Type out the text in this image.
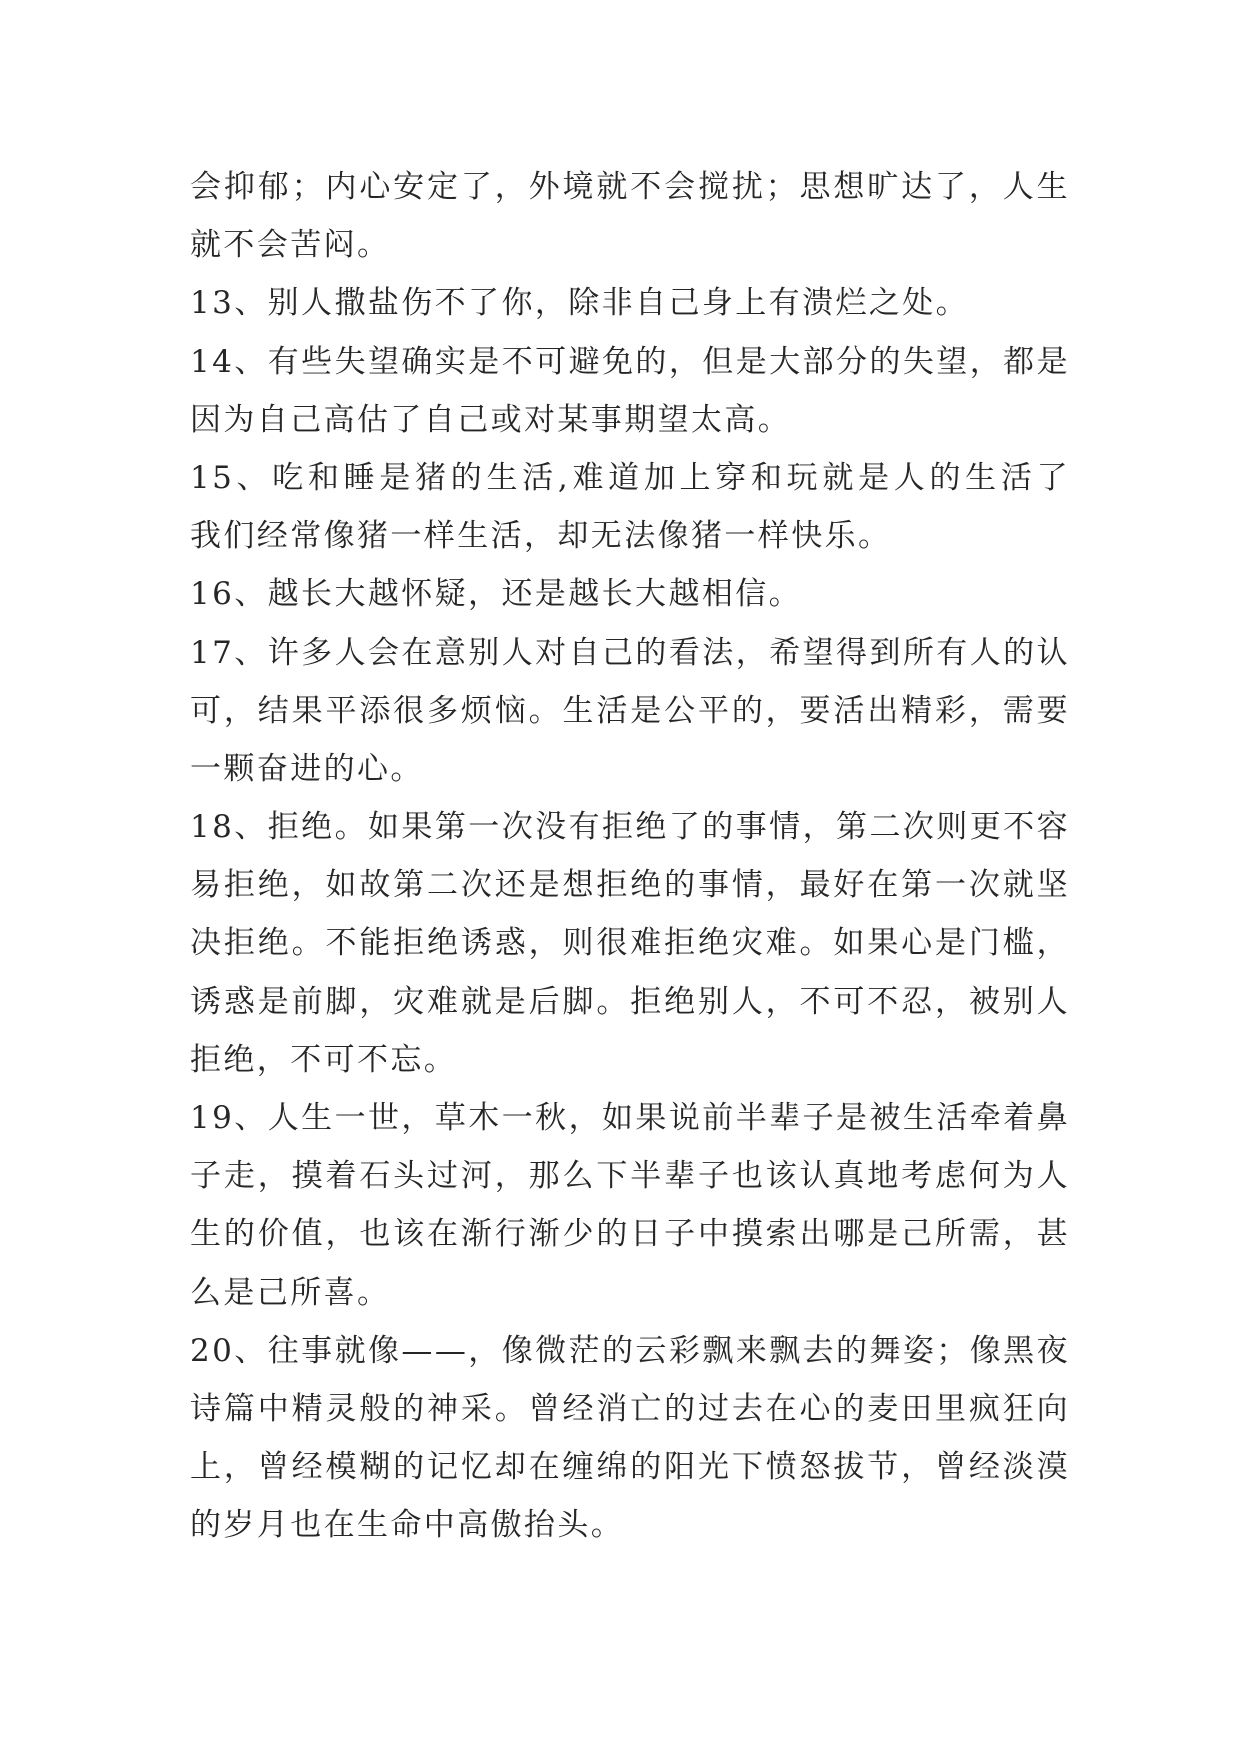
会抑郁；内心安定了，外境就不会搅扰；思想旷达了，人生
就不会苦闷。
13、别人撒盐伤不了你，除非自己身上有溃烂之处。
14、有些失望确实是不可避免的，但是大部分的失望，都是
因为自己高估了自己或对某事期望太高。
15、吃和睡是猪的生活,难道加上穿和玩就是人的生活了
我们经常像猪一样生活，却无法像猪一样快乐。
16、越长大越怀疑，还是越长大越相信。
17、许多人会在意别人对自己的看法，希望得到所有人的认
可，结果平添很多烦恼。生活是公平的，要活出精彩，需要
一颗奋进的心。
18、拒绝。如果第一次没有拒绝了的事情，第二次则更不容
易拒绝，如故第二次还是想拒绝的事情，最好在第一次就坚
决拒绝。不能拒绝诱惑，则很难拒绝灾难。如果心是门槛，
诱惑是前脚，灾难就是后脚。拒绝别人，不可不忍，被别人
拒绝，不可不忘。
19、人生一世，草木一秋，如果说前半辈子是被生活牵着鼻
子走，摸着石头过河，那么下半辈子也该认真地考虑何为人
生的价值，也该在渐行渐少的日子中摸索出哪是己所需，甚
么是己所喜。
20、往事就像——，像微茫的云彩飘来飘去的舞姿；像黑夜
诗篇中精灵般的神采。曾经消亡的过去在心的麦田里疯狂向
上，曾经模糊的记忆却在缠绵的阳光下愤怒拔节，曾经淡漠
的岁月也在生命中高傲抬头。
